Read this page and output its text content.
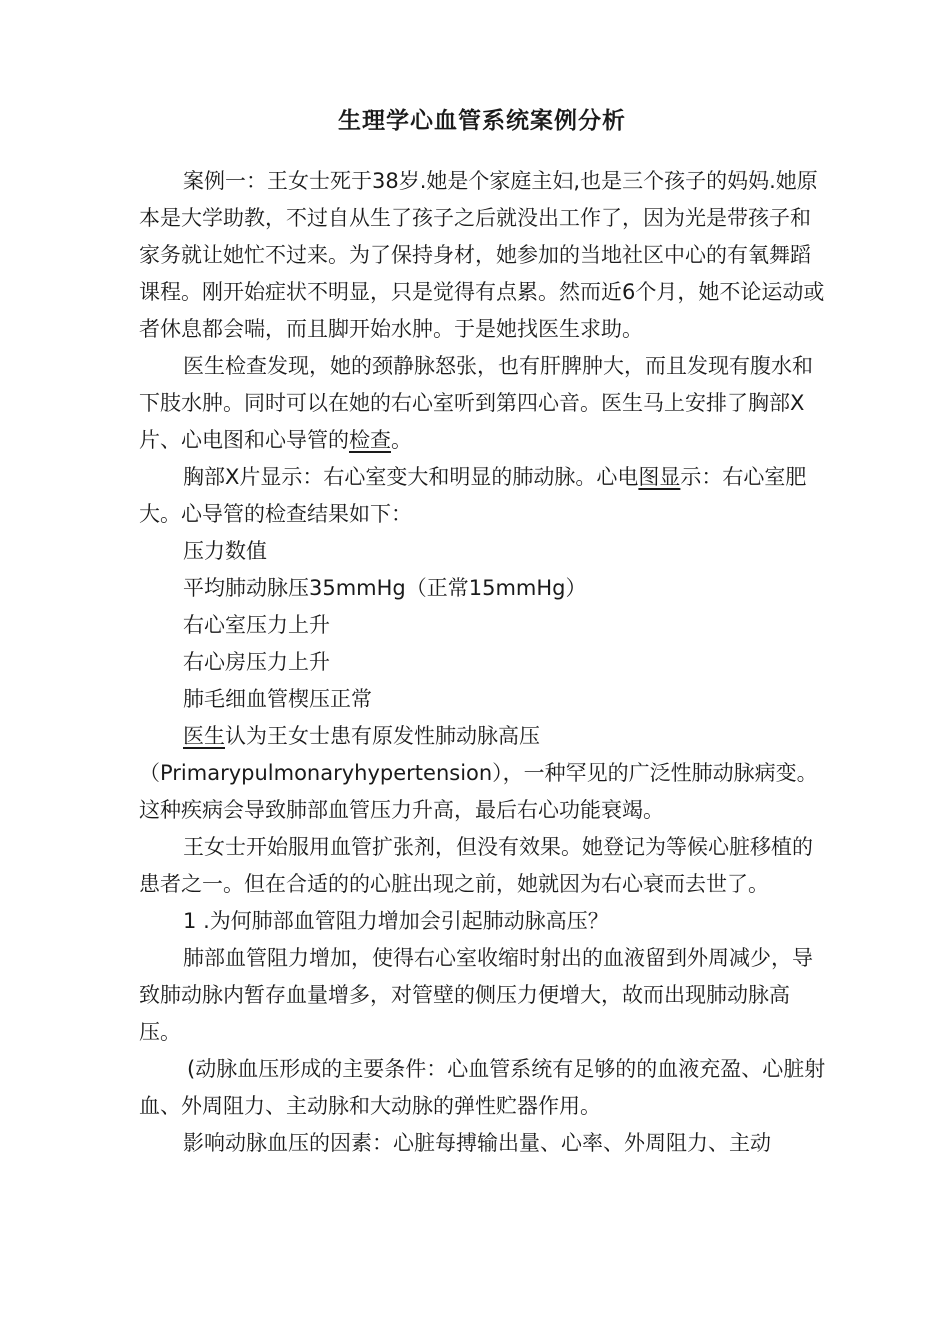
生理学心血管系统案例分析

案例一：王女士死于38岁.她是个家庭主妇,也是三个孩子的妈妈.她原本是大学助教，不过自从生了孩子之后就没出工作了，因为光是带孩子和家务就让她忙不过来。为了保持身材，她参加的当地社区中心的有氧舞蹈课程。刚开始症状不明显，只是觉得有点累。然而近6个月，她不论运动或者休息都会喘，而且脚开始水肿。于是她找医生求助。

医生检查发现，她的颈静脉怒张，也有肝脾肿大，而且发现有腹水和下肢水肿。同时可以在她的右心室听到第四心音。医生马上安排了胸部X片、心电图和心导管的检查。

胸部X片显示：右心室变大和明显的肺动脉。心电图显示：右心室肥大。心导管的检查结果如下：

压力数值

平均肺动脉压35mmHg（正常15mmHg）

右心室压力上升

右心房压力上升

肺毛细血管楔压正常

医生认为王女士患有原发性肺动脉高压（Primarypulmonaryhypertension），一种罕见的广泛性肺动脉病变。这种疾病会导致肺部血管压力升高，最后右心功能衰竭。

王女士开始服用血管扩张剂，但没有效果。她登记为等候心脏移植的患者之一。但在合适的的心脏出现之前，她就因为右心衰而去世了。

1 .为何肺部血管阻力增加会引起肺动脉高压？

肺部血管阻力增加，使得右心室收缩时射出的血液留到外周减少，导致肺动脉内暂存血量增多，对管壁的侧压力便增大，故而出现肺动脉高压。

(动脉血压形成的主要条件：心血管系统有足够的的血液充盈、心脏射血、外周阻力、主动脉和大动脉的弹性贮器作用。

影响动脉血压的因素：心脏每搏输出量、心率、外周阻力、主动
